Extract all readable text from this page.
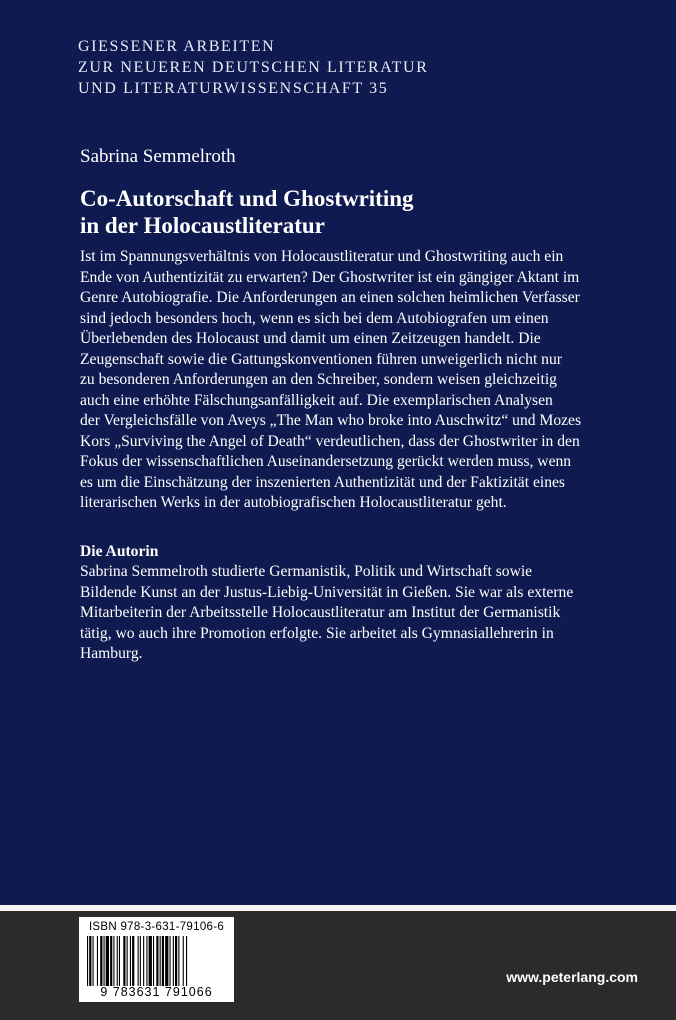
GIESSENER ARBEITEN
ZUR NEUEREN DEUTSCHEN LITERATUR
UND LITERATURWISSENSCHAFT 35
Sabrina Semmelroth
Co-Autorschaft und Ghostwriting
in der Holocaustliteratur
Ist im Spannungsverhältnis von Holocaustliteratur und Ghostwriting auch ein
Ende von Authentizität zu erwarten? Der Ghostwriter ist ein gängiger Aktant im
Genre Autobiografie. Die Anforderungen an einen solchen heimlichen Verfasser
sind jedoch besonders hoch, wenn es sich bei dem Autobiografen um einen
Überlebenden des Holocaust und damit um einen Zeitzeugen handelt. Die
Zeugenschaft sowie die Gattungskonventionen führen unweigerlich nicht nur
zu besonderen Anforderungen an den Schreiber, sondern weisen gleichzeitig
auch eine erhöhte Fälschungsanfälligkeit auf. Die exemplarischen Analysen
der Vergleichsfälle von Aveys „The Man who broke into Auschwitz“ und Mozes
Kors „Surviving the Angel of Death“ verdeutlichen, dass der Ghostwriter in den
Fokus der wissenschaftlichen Auseinandersetzung gerückt werden muss, wenn
es um die Einschätzung der inszenierten Authentizität und der Faktizität eines
literarischen Werks in der autobiografischen Holocaustliteratur geht.
Die Autorin
Sabrina Semmelroth studierte Germanistik, Politik und Wirtschaft sowie
Bildende Kunst an der Justus-Liebig-Universität in Gießen. Sie war als externe
Mitarbeiterin der Arbeitsstelle Holocaustliteratur am Institut der Germanistik
tätig, wo auch ihre Promotion erfolgte. Sie arbeitet als Gymnasiallehrerin in
Hamburg.
ISBN 978-3-631-79106-6
9 783631 791066
www.peterlang.com
